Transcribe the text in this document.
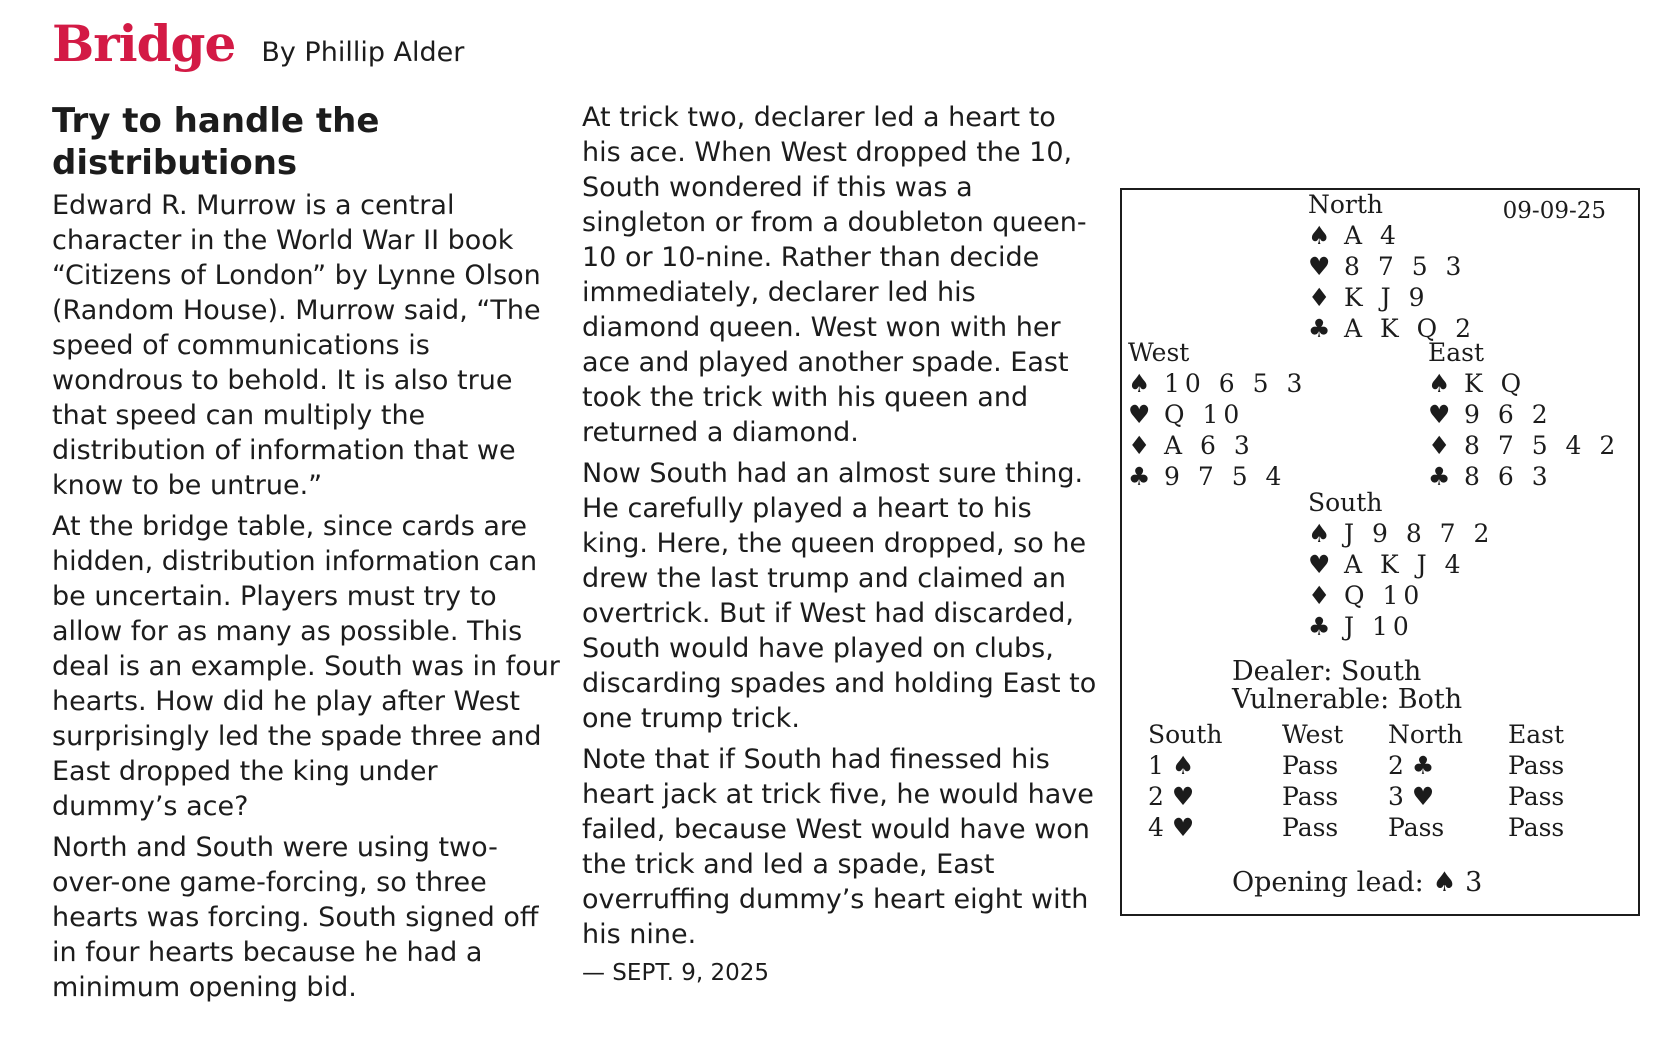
Bridge By Phillip Alder
Try to handle the
distributions

Edward R. Murrow is a central character in the World War II book “Citizens of London” by Lynne Olson (Random House). Murrow said, “The speed of communications is wondrous to behold. It is also true that speed can multiply the distribution of information that we know to be untrue.”

At the bridge table, since cards are hidden, distribution information can be uncertain. Players must try to allow for as many as possible. This deal is an example. South was in four hearts. How did he play after West surprisingly led the spade three and East dropped the king under dummy’s ace?

North and South were using two-over-one game-forcing, so three hearts was forcing. South signed off in four hearts because he had a minimum opening bid.

At trick two, declarer led a heart to his ace. When West dropped the 10, South wondered if this was a singleton or from a doubleton queen-10 or 10-nine. Rather than decide immediately, declarer led his diamond queen. West won with her ace and played another spade. East took the trick with his queen and returned a diamond.

Now South had an almost sure thing. He carefully played a heart to his king. Here, the queen dropped, so he drew the last trump and claimed an overtrick. But if West had discarded, South would have played on clubs, discarding spades and holding East to one trump trick.

Note that if South had finessed his heart jack at trick five, he would have failed, because West would have won the trick and led a spade, East overruffing dummy’s heart eight with his nine.

— SEPT. 9, 2025
09-09-25
North
♠ A 4
♥ 8 7 5 3
♦ K J 9
♣ A K Q 2
West
♠ 10 6 5 3
♥ Q 10
♦ A 6 3
♣ 9 7 5 4
East
♠ K Q
♥ 9 6 2
♦ 8 7 5 4 2
♣ 8 6 3
South
♠ J 9 8 7 2
♥ A K J 4
♦ Q 10
♣ J 10
Dealer: South
Vulnerable: Both
South
1 ♠
2 ♥
4 ♥
West
Pass
Pass
Pass
North
2 ♣
3 ♥
Pass
East
Pass
Pass
Pass
Opening lead: ♠ 3
